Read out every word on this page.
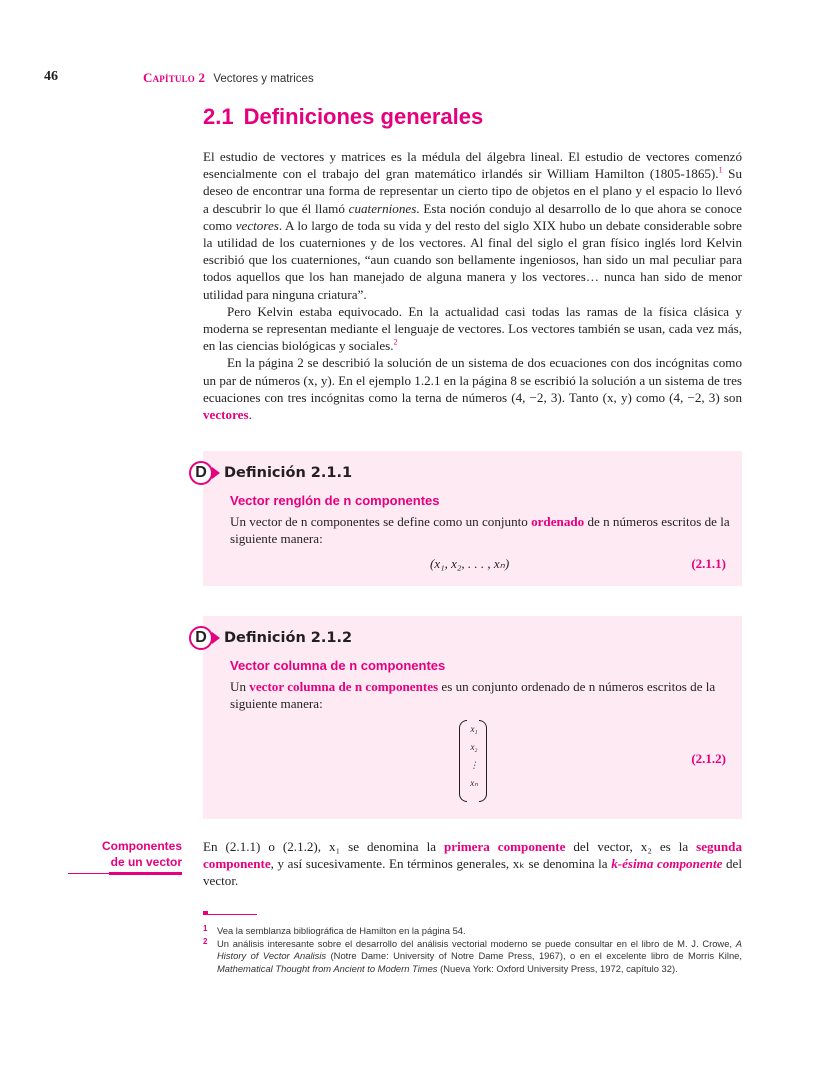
46	Capítulo 2 Vectores y matrices
2.1 Definiciones generales

El estudio de vectores y matrices es la médula del álgebra lineal. El estudio de vectores comenzó esencialmente con el trabajo del gran matemático irlandés sir William Hamilton (1805-1865).$^1$ Su deseo de encontrar una forma de representar un cierto tipo de objetos en el plano y el espacio lo llevó a descubrir lo que él llamó cuaterniones. Esta noción condujo al desarrollo de lo que ahora se conoce como vectores. A lo largo de toda su vida y del resto del siglo XIX hubo un debate considerable sobre la utilidad de los cuaterniones y de los vectores. Al final del siglo el gran físico inglés lord Kelvin escribió que los cuaterniones, “aun cuando son bellamente ingeniosos, han sido un mal peculiar para todos aquellos que los han manejado de alguna manera y los vectores… nunca han sido de menor utilidad para ninguna criatura”.

Pero Kelvin estaba equivocado. En la actualidad casi todas las ramas de la física clásica y moderna se representan mediante el lenguaje de vectores. Los vectores también se usan, cada vez más, en las ciencias biológicas y sociales.$^2$

En la página 2 se describió la solución de un sistema de dos ecuaciones con dos incógnitas como un par de números (x, y). En el ejemplo 1.2.1 en la página 8 se escribió la solución a un sistema de tres ecuaciones con tres incógnitas como la terna de números (4, −2, 3). Tanto (x, y) como (4, −2, 3) son vectores.

D	Definición 2.1.1
Vector renglón de n componentes
Un vector de n componentes se define como un conjunto ordenado de n números escritos de la siguiente manera:
(x₁, x₂, . . . , xₙ)	(2.1.1)
D	Definición 2.1.2
Vector columna de n componentes
Un vector columna de n componentes es un conjunto ordenado de n números escritos de la siguiente manera:
x₁
x₂
⋮
xₙ
(2.1.2)
Componentes
de un vector

En (2.1.1) o (2.1.2), x₁ se denomina la primera componente del vector, x₂ es la segunda componente, y así sucesivamente. En términos generales, xₖ se denomina la k-ésima componente del vector.

1 Vea la semblanza bibliográfica de Hamilton en la página 54.

2 Un análisis interesante sobre el desarrollo del análisis vectorial moderno se puede consultar en el libro de M. J. Crowe, A History of Vector Analisis (Notre Dame: University of Notre Dame Press, 1967), o en el excelente libro de Morris Kilne, Mathematical Thought from Ancient to Modern Times (Nueva York: Oxford University Press, 1972, capítulo 32).
